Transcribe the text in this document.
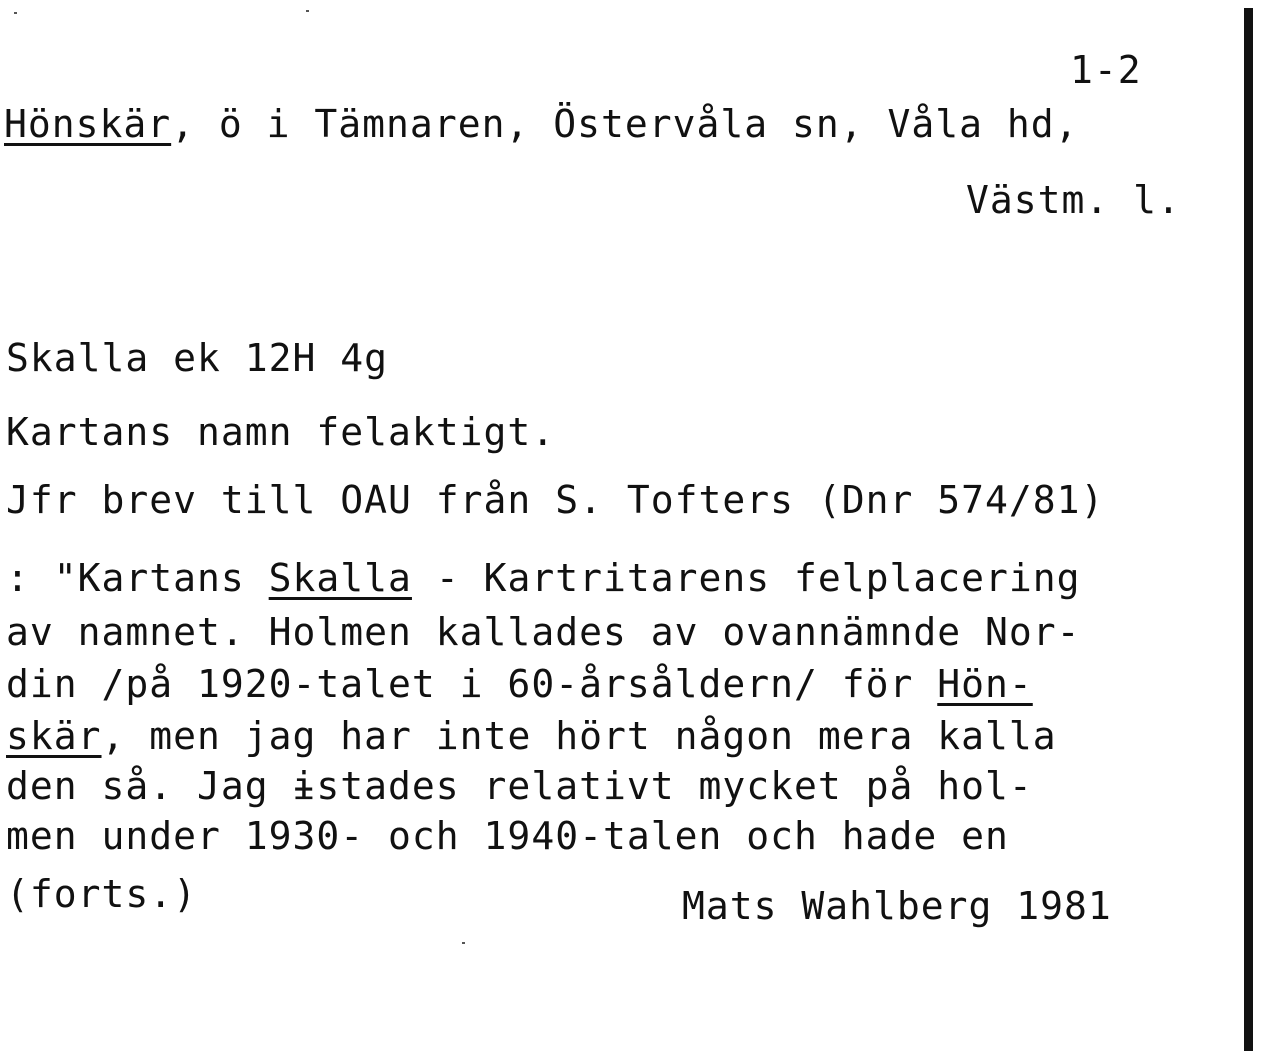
1-2
Hönskär, ö i Tämnaren, Östervåla sn, Våla hd,
Västm. l.
Skalla ek 12H 4g
Kartans namn felaktigt.
Jfr brev till OAU från S. Tofters (Dnr 574/81)
: "Kartans Skalla - Kartritarens felplacering
av namnet. Holmen kallades av ovannämnde Nor-
din /på 1920-talet i 60-årsåldern/ för Hön-
skär, men jag har inte hört någon mera kalla
den så. Jag ɨstades relativt mycket på hol-
men under 1930- och 1940-talen och hade en
(forts.)	Mats Wahlberg 1981
